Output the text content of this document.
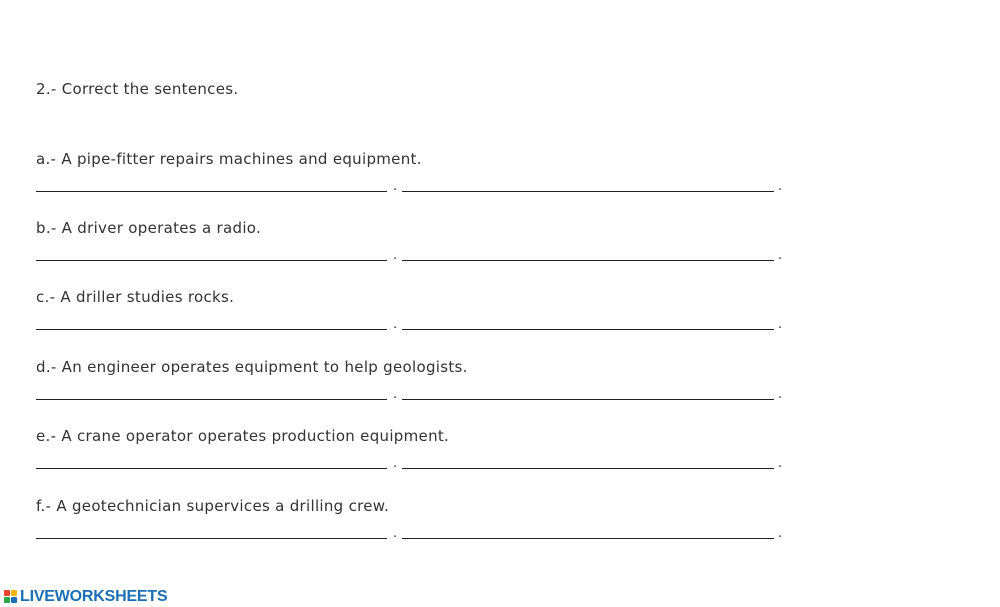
2.- Correct the sentences.
a.- A pipe-fitter repairs machines and equipment.
.	.
b.- A driver operates a radio.
.	.
c.- A driller studies rocks.
.	.
d.- An engineer operates equipment to help geologists.
.	.
e.- A crane operator operates production equipment.
.	.
f.- A geotechnician supervices a drilling crew.
.	.
LIVEWORKSHEETS
